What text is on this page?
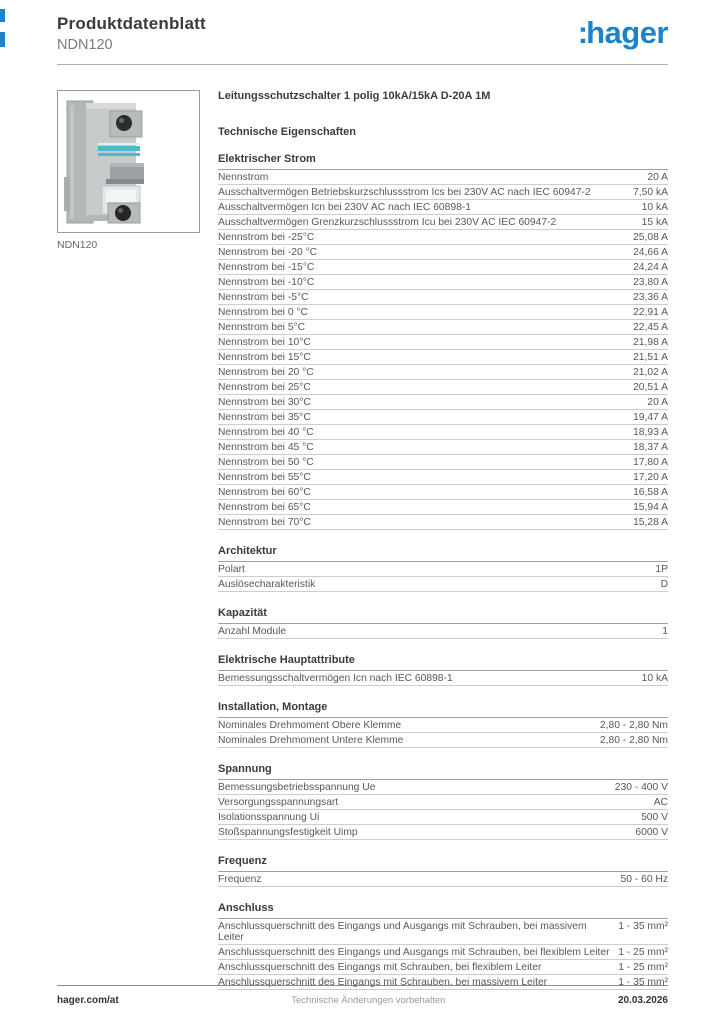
Produktdatenblatt
NDN120	:hager
NDN120
Leitungsschutzschalter 1 polig 10kA/15kA D-20A 1M
Technische Eigenschaften
Elektrischer Strom
Nennstrom	20 A
Ausschaltvermögen Betriebskurzschlussstrom Ics bei 230V AC nach IEC 60947-2	7,50 kA
Ausschaltvermögen Icn bei 230V AC nach IEC 60898-1	10 kA
Ausschaltvermögen Grenzkurzschlussstrom Icu bei 230V AC IEC 60947-2	15 kA
Nennstrom bei -25°C	25,08 A
Nennstrom bei -20 °C	24,66 A
Nennstrom bei -15°C	24,24 A
Nennstrom bei -10°C	23,80 A
Nennstrom bei -5°C	23,36 A
Nennstrom bei 0 °C	22,91 A
Nennstrom bei 5°C	22,45 A
Nennstrom bei 10°C	21,98 A
Nennstrom bei 15°C	21,51 A
Nennstrom bei 20 °C	21,02 A
Nennstrom bei 25°C	20,51 A
Nennstrom bei 30°C	20 A
Nennstrom bei 35°C	19,47 A
Nennstrom bei 40 °C	18,93 A
Nennstrom bei 45 °C	18,37 A
Nennstrom bei 50 °C	17,80 A
Nennstrom bei 55°C	17,20 A
Nennstrom bei 60°C	16,58 A
Nennstrom bei 65°C	15,94 A
Nennstrom bei 70°C	15,28 A
Architektur
Polart	1P
Auslösecharakteristik	D
Kapazität
Anzahl Module	1
Elektrische Hauptattribute
Bemessungsschaltvermögen Icn nach IEC 60898-1	10 kA
Installation, Montage
Nominales Drehmoment Obere Klemme	2,80 - 2,80 Nm
Nominales Drehmoment Untere Klemme	2,80 - 2,80 Nm
Spannung
Bemessungsbetriebsspannung Ue	230 - 400 V
Versorgungsspannungsart	AC
Isolationsspannung Ui	500 V
Stoßspannungsfestigkeit Uimp	6000 V
Frequenz
Frequenz	50 - 60 Hz
Anschluss
Anschlussquerschnitt des Eingangs und Ausgangs mit Schrauben, bei massivem Leiter
1 - 35 mm²
Anschlussquerschnitt des Eingangs und Ausgangs mit Schrauben, bei flexiblem Leiter 1 - 25 mm²
Anschlussquerschnitt des Eingangs mit Schrauben, bei flexiblem Leiter	1 - 25 mm²
Anschlussquerschnitt des Eingangs mit Schrauben, bei massivem Leiter	1 - 35 mm²
hager.com/at	Technische Änderungen vorbehalten	20.03.2026
